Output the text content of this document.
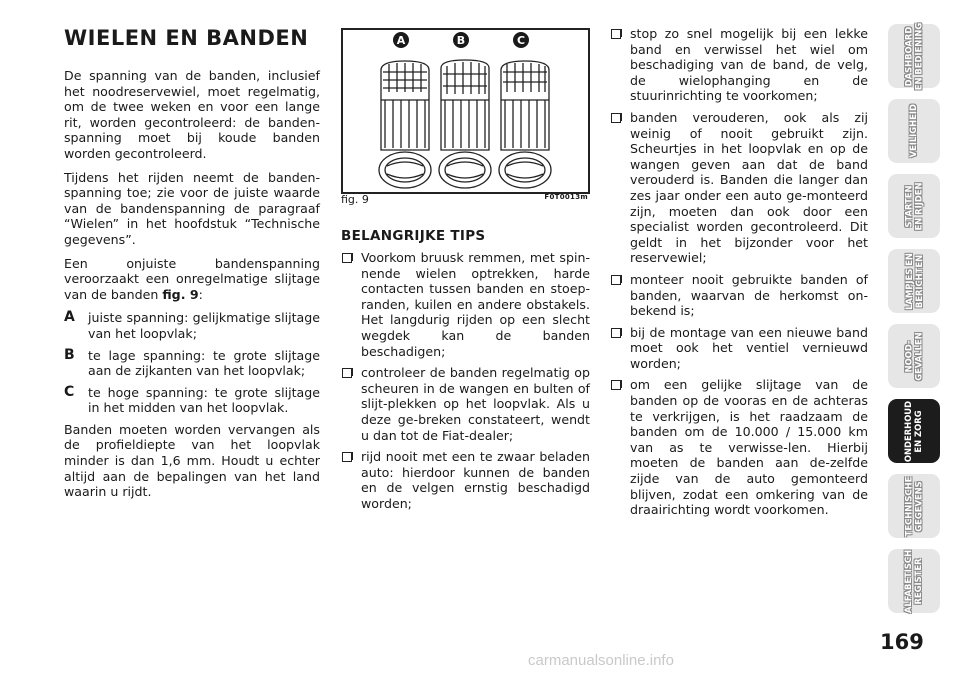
WIELEN EN BANDEN

De spanning van de banden, inclusief het noodreservewiel, moet regelmatig, om de twee weken en voor een lange rit, worden gecontroleerd: de banden-spanning moet bij koude banden worden gecontroleerd.

Tijdens het rijden neemt de banden-spanning toe; zie voor de juiste waarde van de bandenspanning de paragraaf “Wielen” in het hoofdstuk “Technische gegevens”.

Een onjuiste bandenspanning veroorzaakt een onregelmatige slijtage van de banden fig. 9:

A juiste spanning: gelijkmatige slijtage van het loopvlak;
B te lage spanning: te grote slijtage aan de zijkanten van het loopvlak;
C te hoge spanning: te grote slijtage in het midden van het loopvlak.

Banden moeten worden vervangen als de profieldiepte van het loopvlak minder is dan 1,6 mm. Houdt u echter altijd aan de bepalingen van het land waarin u rijdt.

A	B	C
fig. 9	F0T0013m
BELANGRIJKE TIPS
Voorkom bruusk remmen, met spin-nende wielen optrekken, harde contacten tussen banden en stoep-randen, kuilen en andere obstakels. Het langdurig rijden op een slecht wegdek kan de banden beschadigen;
controleer de banden regelmatig op scheuren in de wangen en bulten of slijt-plekken op het loopvlak. Als u deze ge-breken constateert, wendt u dan tot de Fiat-dealer;
rijd nooit met een te zwaar beladen auto: hierdoor kunnen de banden en de velgen ernstig beschadigd worden;
stop zo snel mogelijk bij een lekke band en verwissel het wiel om beschadiging van de band, de velg, de wielophanging en de stuurinrichting te voorkomen;
banden verouderen, ook als zij weinig of nooit gebruikt zijn. Scheurtjes in het loopvlak en op de wangen geven aan dat de band verouderd is. Banden die langer dan zes jaar onder een auto ge-monteerd zijn, moeten dan ook door een specialist worden gecontroleerd. Dit geldt in het bijzonder voor het reservewiel;
monteer nooit gebruikte banden of banden, waarvan de herkomst on-bekend is;
bij de montage van een nieuwe band moet ook het ventiel vernieuwd worden;
om een gelijke slijtage van de banden op de vooras en de achteras te verkrijgen, is het raadzaam de banden om de 10.000 / 15.000 km van as te verwisse-len. Hierbij moeten de banden aan de-zelfde zijde van de auto gemonteerd blijven, zodat een omkering van de draairichting wordt voorkomen.
DASHBOARD
EN BEDIENING
VEILIGHEID
STARTEN
EN RIJDEN
LAMPJES EN
BERICHTEN
NOOD-
GEVALLEN
ONDERHOUD
EN ZORG
TECHNISCHE
GEGEVENS
ALFABETISCH
REGISTER
169
carmanualsonline.info
